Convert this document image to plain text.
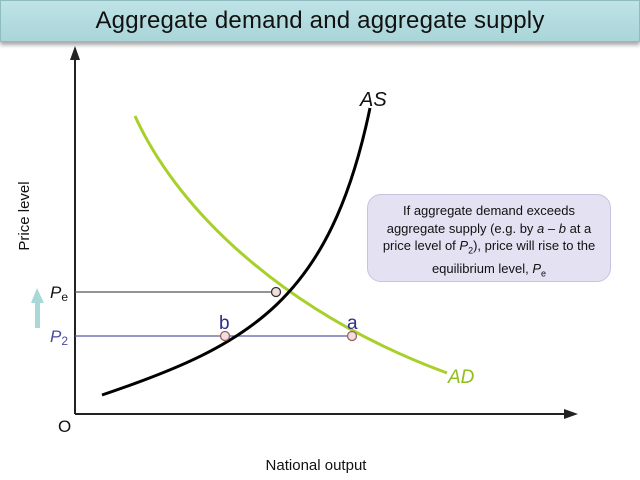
Aggregate demand and aggregate supply
AS
AD
b	a
Pe
P2
O
National output
Price level	If aggregate demand exceeds aggregate supply (e.g. by a – b at a price level of $P_2$), price will rise to the equilibrium level, $P_e$
